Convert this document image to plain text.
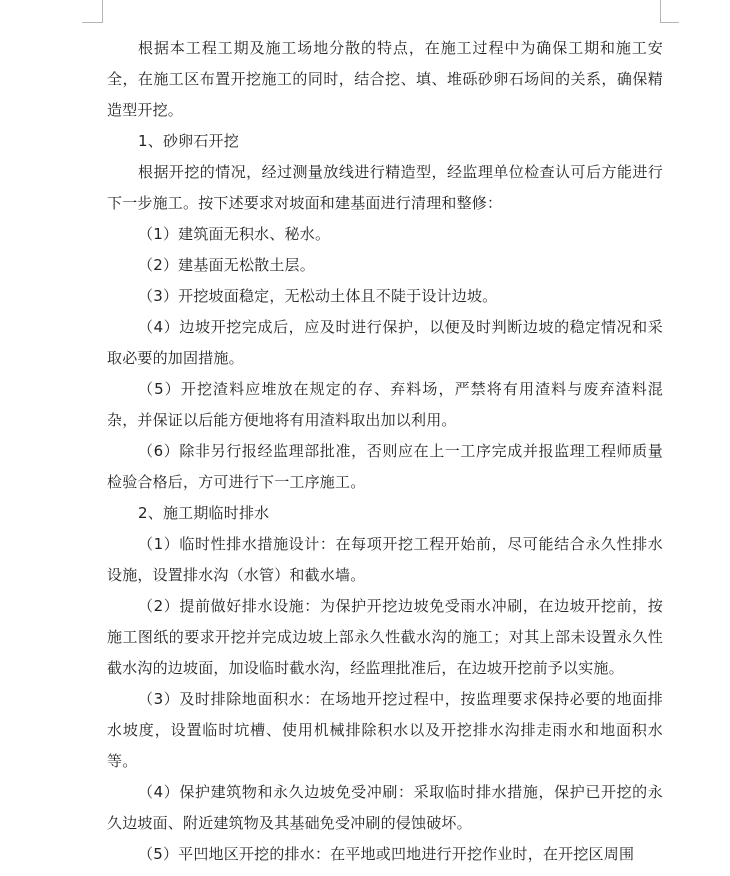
根据本工程工期及施工场地分散的特点，在施工过程中为确保工期和施工安全，在施工区布置开挖施工的同时，结合挖、填、堆砾砂卵石场间的关系，确保精造型开挖。

1、砂卵石开挖

根据开挖的情况，经过测量放线进行精造型，经监理单位检查认可后方能进行下一步施工。按下述要求对坡面和建基面进行清理和整修：

（1）建筑面无积水、秘水。

（2）建基面无松散土层。

（3）开挖坡面稳定，无松动土体且不陡于设计边坡。

（4）边坡开挖完成后，应及时进行保护，以便及时判断边坡的稳定情况和采取必要的加固措施。

（5）开挖渣料应堆放在规定的存、弃料场，严禁将有用渣料与废弃渣料混杂，并保证以后能方便地将有用渣料取出加以利用。

（6）除非另行报经监理部批准，否则应在上一工序完成并报监理工程师质量检验合格后，方可进行下一工序施工。

2、施工期临时排水

（1）临时性排水措施设计：在每项开挖工程开始前，尽可能结合永久性排水设施，设置排水沟（水管）和截水墙。

（2）提前做好排水设施：为保护开挖边坡免受雨水冲刷，在边坡开挖前，按施工图纸的要求开挖并完成边坡上部永久性截水沟的施工；对其上部未设置永久性截水沟的边坡面，加设临时截水沟，经监理批准后，在边坡开挖前予以实施。

（3）及时排除地面积水：在场地开挖过程中，按监理要求保持必要的地面排水坡度，设置临时坑槽、使用机械排除积水以及开挖排水沟排走雨水和地面积水等。

（4）保护建筑物和永久边坡免受冲刷：采取临时排水措施，保护已开挖的永久边坡面、附近建筑物及其基础免受冲刷的侵蚀破坏。

（5）平凹地区开挖的排水：在平地或凹地进行开挖作业时，在开挖区周围
